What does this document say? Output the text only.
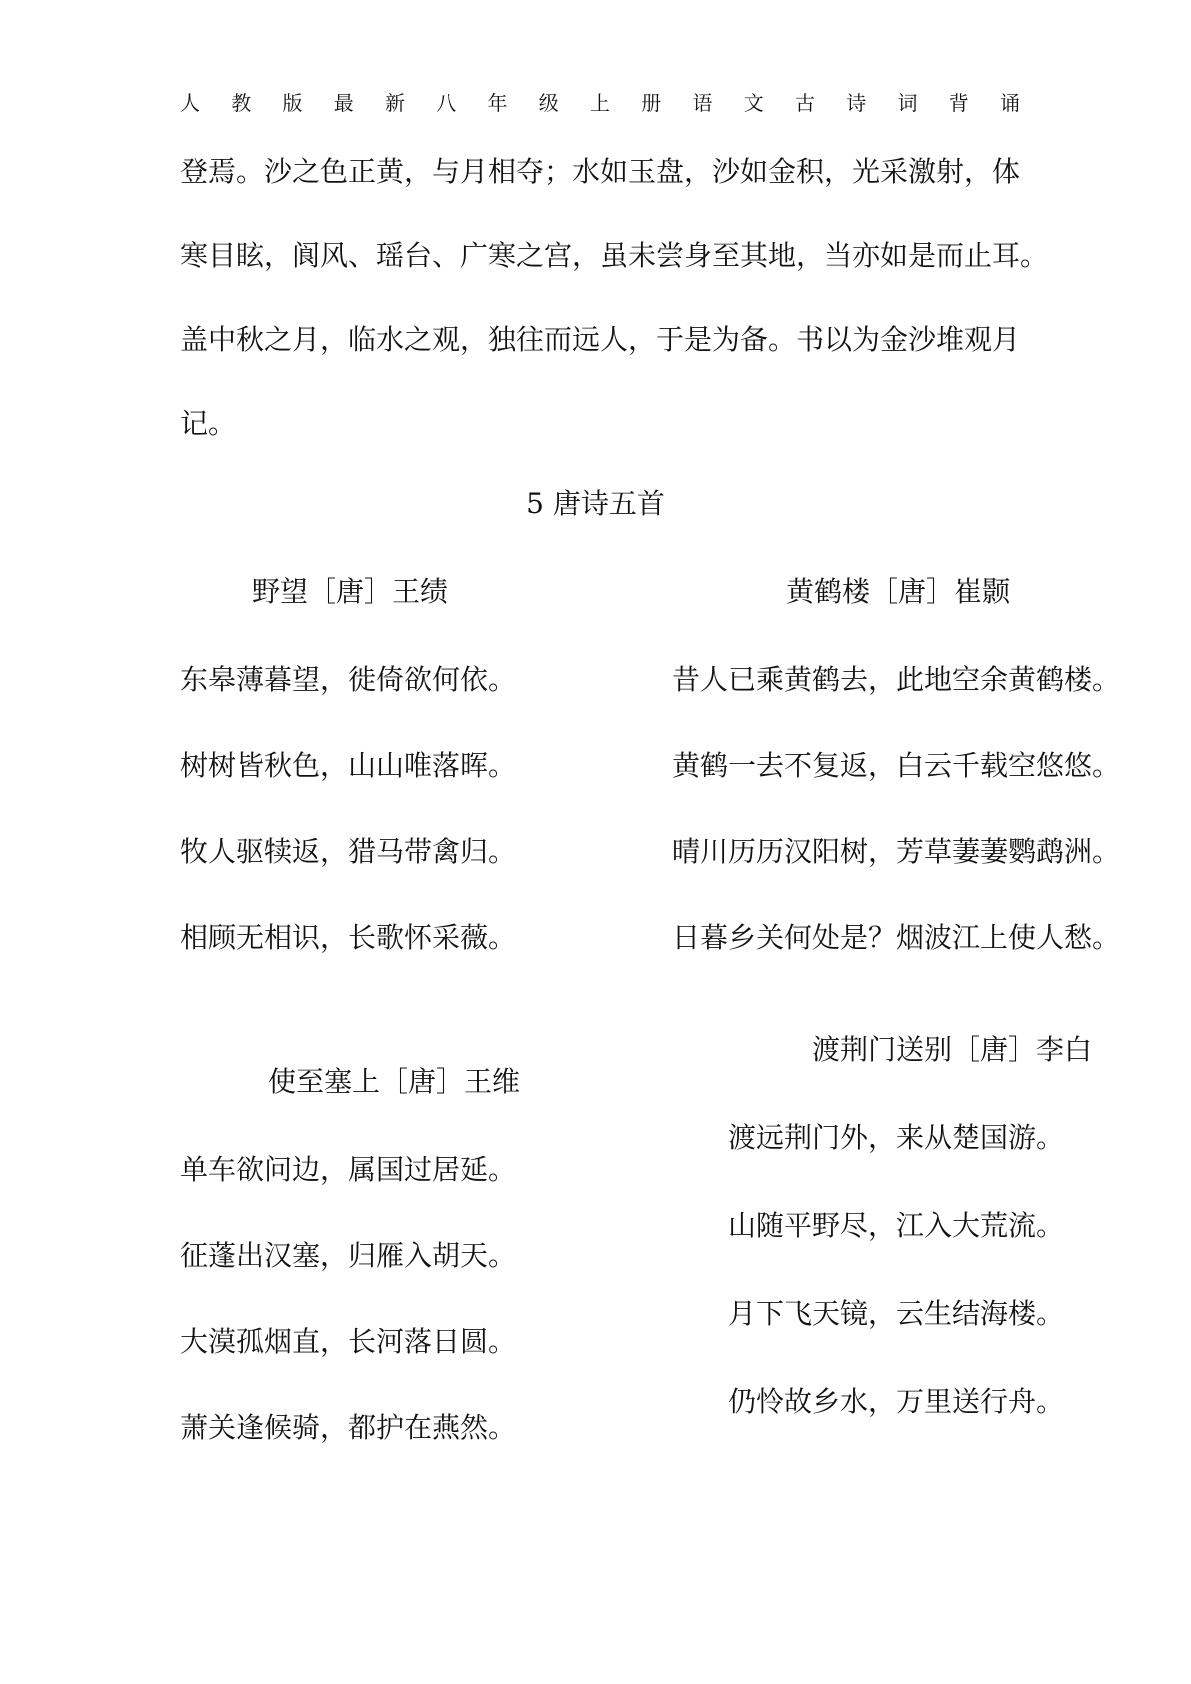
人 教 版 最 新 八 年 级 上 册 语 文 古 诗 词 背 诵
登焉。沙之色正黄，与月相夺；水如玉盘，沙如金积，光采激射，体
寒目眩，阆风、瑶台、广寒之宫，虽未尝身至其地，当亦如是而止耳。
盖中秋之月，临水之观，独往而远人，于是为备。书以为金沙堆观月
记。
5 唐诗五首
野望［唐］王绩
东皋薄暮望，徙倚欲何依。
树树皆秋色，山山唯落晖。
牧人驱犊返，猎马带禽归。
相顾无相识，长歌怀采薇。
黄鹤楼［唐］崔颢
昔人已乘黄鹤去，此地空余黄鹤楼。
黄鹤一去不复返，白云千载空悠悠。
晴川历历汉阳树，芳草萋萋鹦鹉洲。
日暮乡关何处是？烟波江上使人愁。
使至塞上［唐］王维
单车欲问边，属国过居延。
征蓬出汉塞，归雁入胡天。
大漠孤烟直，长河落日圆。
萧关逢候骑，都护在燕然。
渡荆门送别［唐］李白
渡远荆门外，来从楚国游。
山随平野尽，江入大荒流。
月下飞天镜，云生结海楼。
仍怜故乡水，万里送行舟。
